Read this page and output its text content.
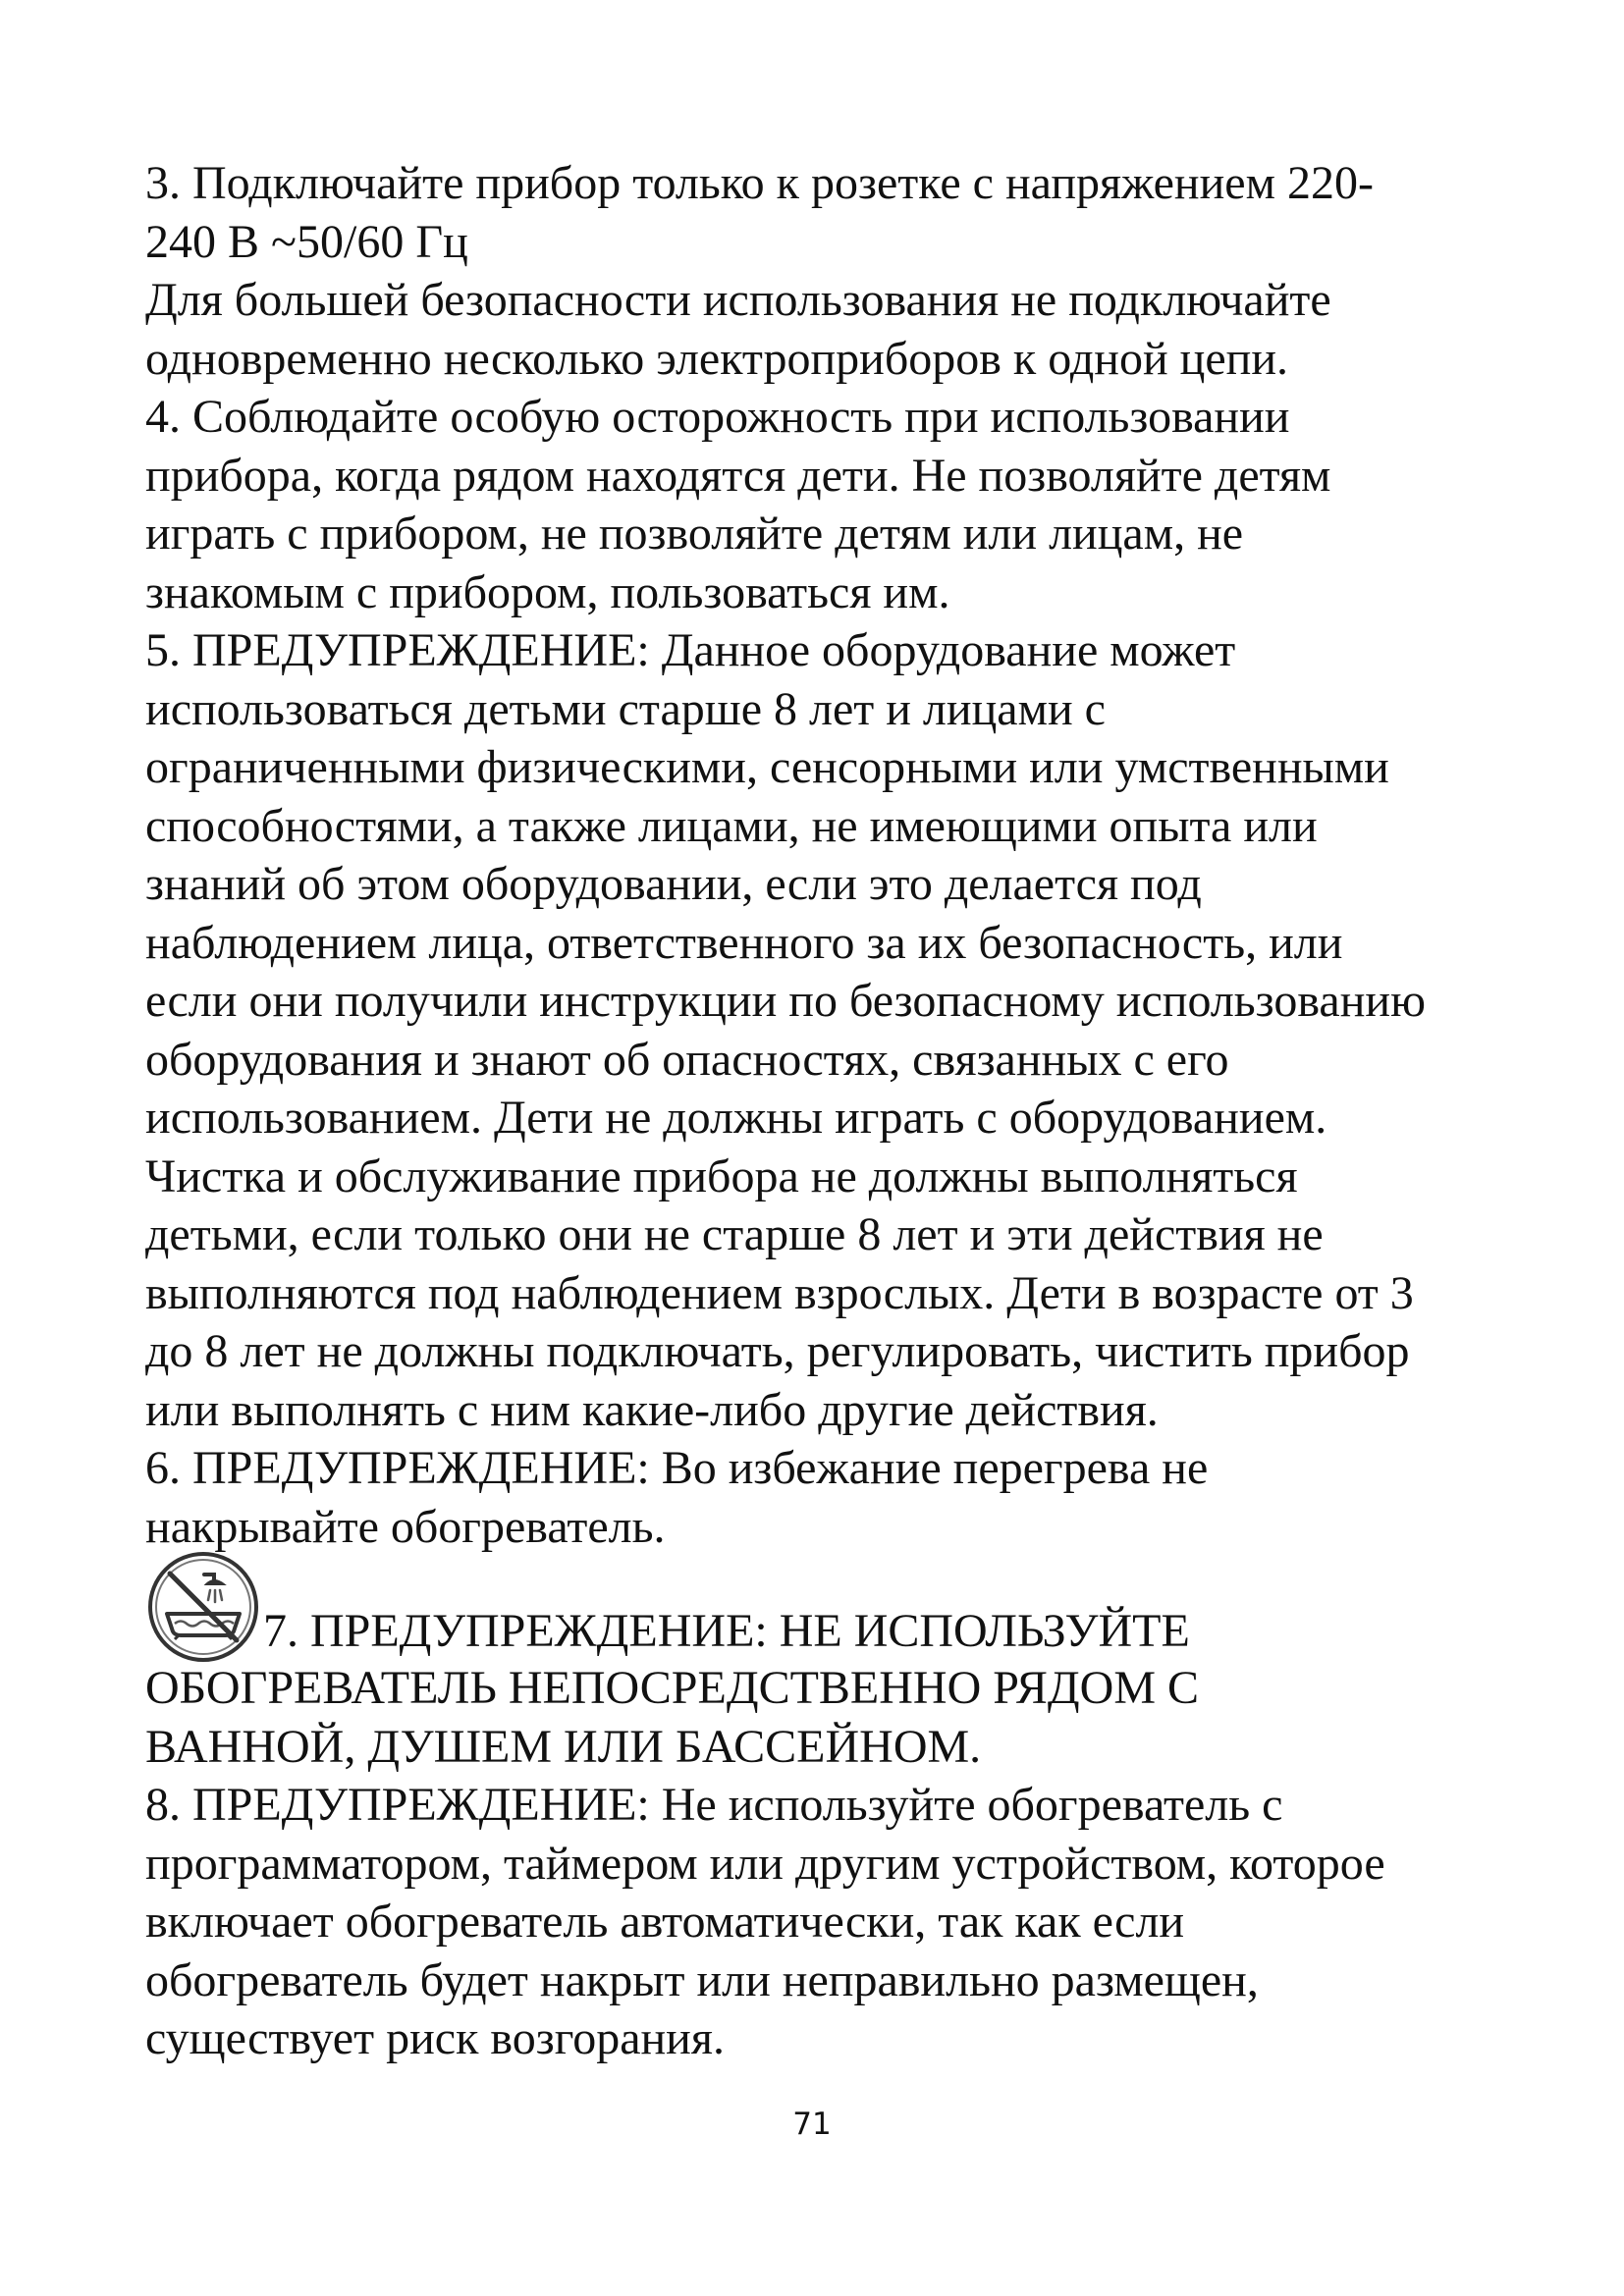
3. Подключайте прибор только к розетке с напряжением 220-
240 В ~50/60 Гц
Для большей безопасности использования не подключайте
одновременно несколько электроприборов к одной цепи.
4. Соблюдайте особую осторожность при использовании
прибора, когда рядом находятся дети. Не позволяйте детям
играть с прибором, не позволяйте детям или лицам, не
знакомым с прибором, пользоваться им.
5. ПРЕДУПРЕЖДЕНИЕ: Данное оборудование может
использоваться детьми старше 8 лет и лицами с
ограниченными физическими, сенсорными или умственными
способностями, а также лицами, не имеющими опыта или
знаний об этом оборудовании, если это делается под
наблюдением лица, ответственного за их безопасность, или
если они получили инструкции по безопасному использованию
оборудования и знают об опасностях, связанных с его
использованием. Дети не должны играть с оборудованием.
Чистка и обслуживание прибора не должны выполняться
детьми, если только они не старше 8 лет и эти действия не
выполняются под наблюдением взрослых. Дети в возрасте от 3
до 8 лет не должны подключать, регулировать, чистить прибор
или выполнять с ним какие-либо другие действия.
6. ПРЕДУПРЕЖДЕНИЕ: Во избежание перегрева не
накрывайте обогреватель.
7. ПРЕДУПРЕЖДЕНИЕ: НЕ ИСПОЛЬЗУЙТЕ
ОБОГРЕВАТЕЛЬ НЕПОСРЕДСТВЕННО РЯДОМ С
ВАННОЙ, ДУШЕМ ИЛИ БАССЕЙНОМ.
8. ПРЕДУПРЕЖДЕНИЕ: Не используйте обогреватель с
программатором, таймером или другим устройством, которое
включает обогреватель автоматически, так как если
обогреватель будет накрыт или неправильно размещен,
существует риск возгорания.
71
